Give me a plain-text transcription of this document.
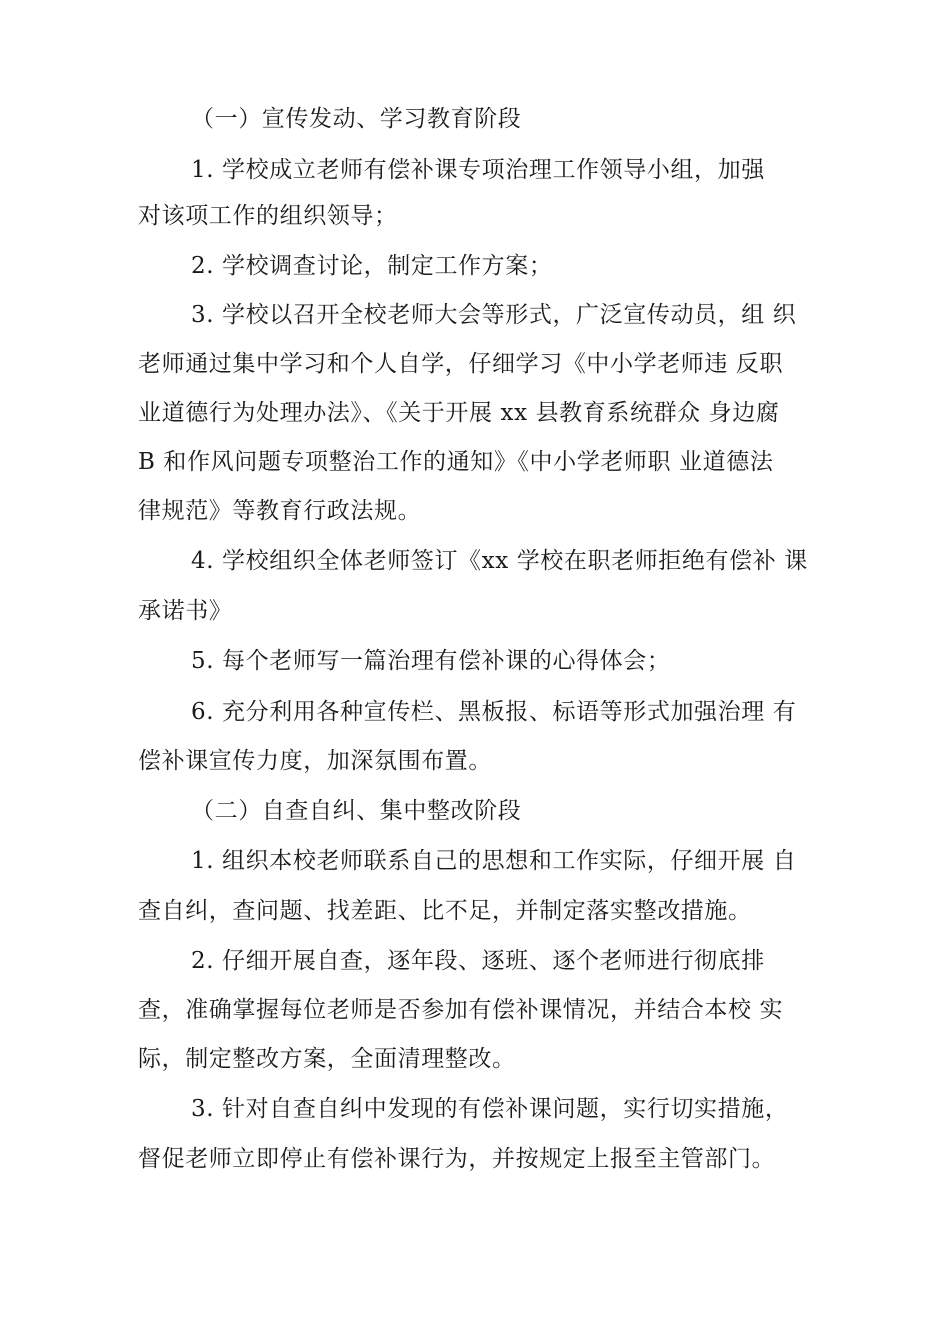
（一）宣传发动、学习教育阶段
1. 学校成立老师有偿补课专项治理工作领导小组，加强
对该项工作的组织领导；
2. 学校调查讨论，制定工作方案；
3. 学校以召开全校老师大会等形式，广泛宣传动员，组 织
老师通过集中学习和个人自学，仔细学习《中小学老师违 反职
业道德行为处理办法》、《关于开展 xx 县教育系统群众 身边腐
B 和作风问题专项整治工作的通知》《中小学老师职 业道德法
律规范》等教育行政法规。
4. 学校组织全体老师签订《xx 学校在职老师拒绝有偿补 课
承诺书》
5. 每个老师写一篇治理有偿补课的心得体会；
6. 充分利用各种宣传栏、黑板报、标语等形式加强治理 有
偿补课宣传力度，加深氛围布置。
（二）自查自纠、集中整改阶段
1. 组织本校老师联系自己的思想和工作实际，仔细开展 自
查自纠，查问题、找差距、比不足，并制定落实整改措施。
2. 仔细开展自查，逐年段、逐班、逐个老师进行彻底排
查，准确掌握每位老师是否参加有偿补课情况，并结合本校 实
际，制定整改方案，全面清理整改。
3. 针对自查自纠中发现的有偿补课问题，实行切实措施，
督促老师立即停止有偿补课行为，并按规定上报至主管部门。
